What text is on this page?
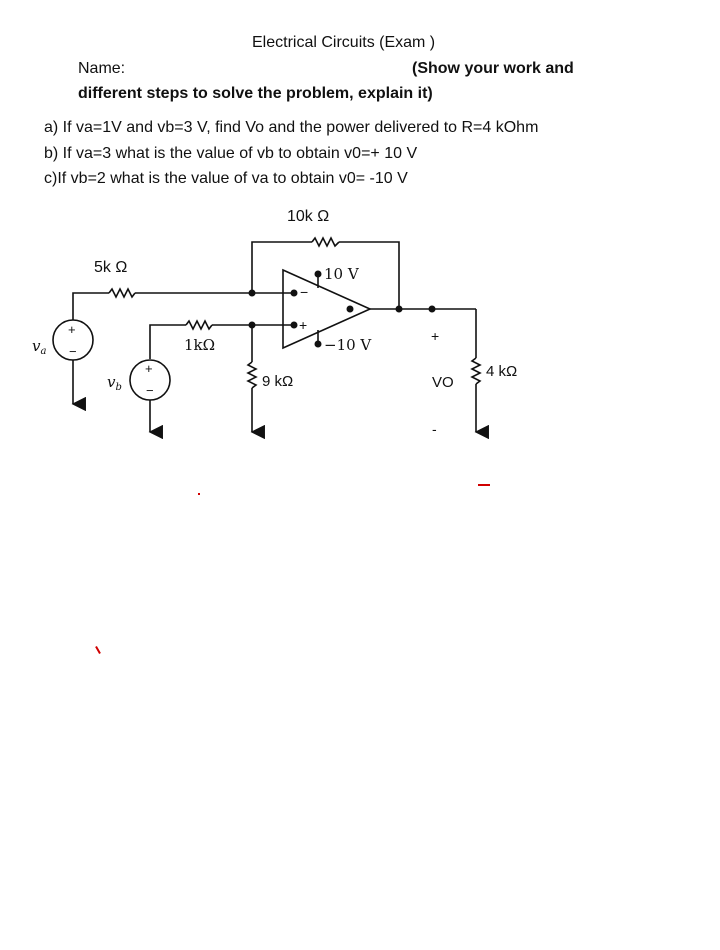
Electrical Circuits (Exam )
Name:	(Show your work and
different steps to solve the problem, explain it)
a) If va=1V and vb=3 V, find Vo and the power delivered to R=4 kOhm
b) If va=3 what is the value of vb to obtain v0=+ 10 V
c)If vb=2 what is the value of va to obtain v0= -10 V
10k Ω
5k Ω
1kΩ
9 kΩ
4 kΩ
10 V
−10 V
−
+
+
−
+
−
$v_a$
$v_b$
+
VO
-
